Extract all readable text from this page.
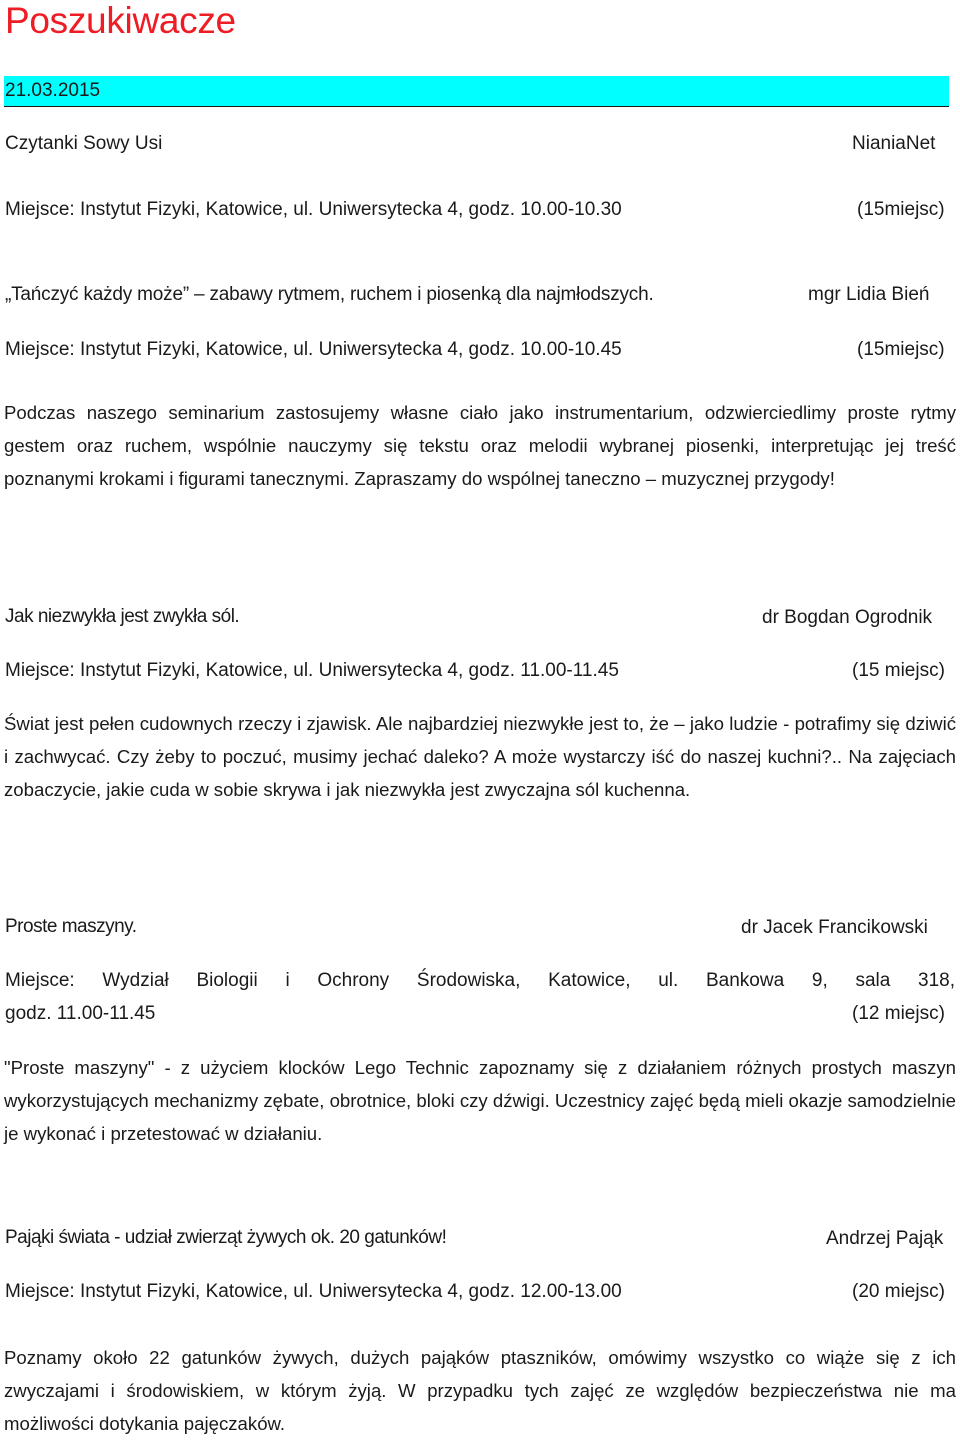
Poszukiwacze
21.03.2015
Czytanki Sowy Usi	NianiaNet
Miejsce: Instytut Fizyki, Katowice, ul. Uniwersytecka 4, godz. 10.00-10.30	(15miejsc)
„Tańczyć każdy może” – zabawy rytmem, ruchem i piosenką dla najmłodszych.	mgr Lidia Bień
Miejsce: Instytut Fizyki, Katowice, ul. Uniwersytecka 4, godz. 10.00-10.45	(15miejsc)
Podczas naszego seminarium zastosujemy własne ciało jako instrumentarium, odzwierciedlimy proste rytmy gestem oraz ruchem, wspólnie nauczymy się tekstu oraz melodii wybranej piosenki, interpretując jej treść poznanymi krokami i figurami tanecznymi. Zapraszamy do wspólnej taneczno – muzycznej przygody!
Jak niezwykła jest zwykła sól.	dr Bogdan Ogrodnik
Miejsce: Instytut Fizyki, Katowice, ul. Uniwersytecka 4, godz. 11.00-11.45	(15 miejsc)
Świat jest pełen cudownych rzeczy i zjawisk. Ale najbardziej niezwykłe jest to, że – jako ludzie - potrafimy się dziwić i zachwycać. Czy żeby to poczuć, musimy jechać daleko? A może wystarczy iść do naszej kuchni?.. Na zajęciach zobaczycie, jakie cuda w sobie skrywa i jak niezwykła jest zwyczajna sól kuchenna.
Proste maszyny.	dr Jacek Francikowski
Miejsce: Wydział Biologii i Ochrony Środowiska, Katowice, ul. Bankowa 9, sala 318,
godz. 11.00-11.45	(12 miejsc)
"Proste maszyny" - z użyciem klocków Lego Technic zapoznamy się z działaniem różnych prostych maszyn wykorzystujących mechanizmy zębate, obrotnice, bloki czy dźwigi. Uczestnicy zajęć będą mieli okazje samodzielnie je wykonać i przetestować w działaniu.
Pająki świata - udział zwierząt żywych ok. 20 gatunków!	Andrzej Pająk
Miejsce: Instytut Fizyki, Katowice, ul. Uniwersytecka 4, godz. 12.00-13.00	(20 miejsc)
Poznamy około 22 gatunków żywych, dużych pająków ptaszników, omówimy wszystko co wiąże się z ich zwyczajami i środowiskiem, w którym żyją. W przypadku tych zajęć ze względów bezpieczeństwa nie ma możliwości dotykania pajęczaków.
